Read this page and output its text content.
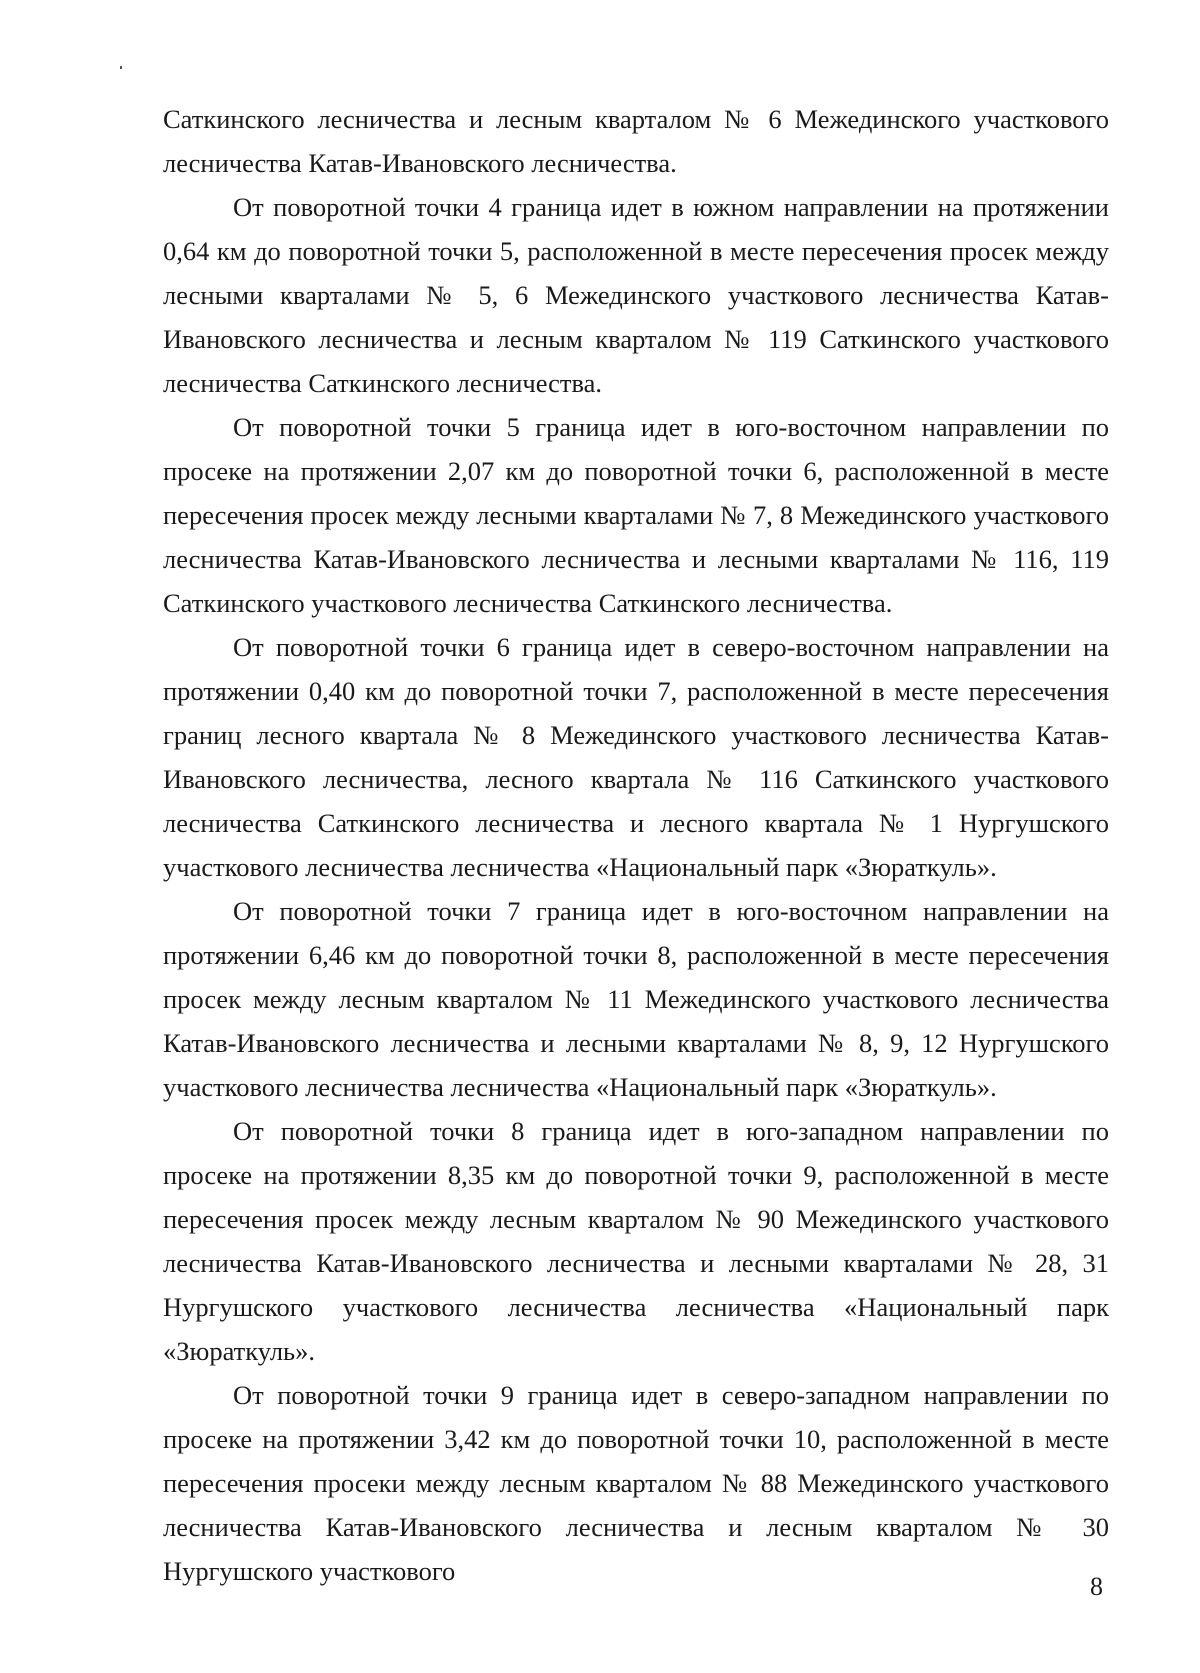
Саткинского лесничества и лесным кварталом № 6 Межединского участкового лесничества Катав-Ивановского лесничества.

От поворотной точки 4 граница идет в южном направлении на протяжении 0,64 км до поворотной точки 5, расположенной в месте пересечения просек между лесными кварталами № 5, 6 Межединского участкового лесничества Катав-Ивановского лесничества и лесным кварталом № 119 Саткинского участкового лесничества Саткинского лесничества.

От поворотной точки 5 граница идет в юго-восточном направлении по просеке на протяжении 2,07 км до поворотной точки 6, расположенной в месте пересечения просек между лесными кварталами № 7, 8 Межединского участкового лесничества Катав-Ивановского лесничества и лесными кварталами № 116, 119 Саткинского участкового лесничества Саткинского лесничества.

От поворотной точки 6 граница идет в северо-восточном направлении на протяжении 0,40 км до поворотной точки 7, расположенной в месте пересечения границ лесного квартала № 8 Межединского участкового лесничества Катав-Ивановского лесничества, лесного квартала № 116 Саткинского участкового лесничества Саткинского лесничества и лесного квартала № 1 Нургушского участкового лесничества лесничества «Национальный парк «Зюраткуль».

От поворотной точки 7 граница идет в юго-восточном направлении на протяжении 6,46 км до поворотной точки 8, расположенной в месте пересечения просек между лесным кварталом № 11 Межединского участкового лесничества Катав-Ивановского лесничества и лесными кварталами № 8, 9, 12 Нургушского участкового лесничества лесничества «Национальный парк «Зюраткуль».

От поворотной точки 8 граница идет в юго-западном направлении по просеке на протяжении 8,35 км до поворотной точки 9, расположенной в месте пересечения просек между лесным кварталом № 90 Межединского участкового лесничества Катав-Ивановского лесничества и лесными кварталами № 28, 31 Нургушского участкового лесничества лесничества «Национальный парк «Зюраткуль».

От поворотной точки 9 граница идет в северо-западном направлении по просеке на протяжении 3,42 км до поворотной точки 10, расположенной в месте пересечения просеки между лесным кварталом № 88 Межединского участкового лесничества Катав-Ивановского лесничества и лесным кварталом № 30 Нургушского участкового

8
